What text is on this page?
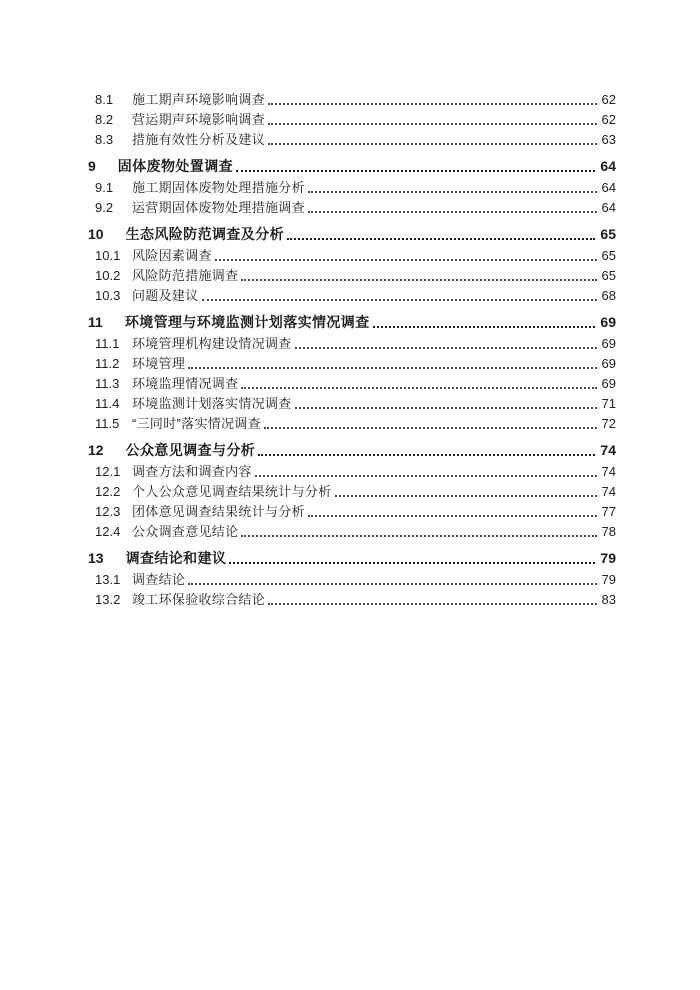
8.1	施工期声环境影响调查	62
8.2	营运期声环境影响调查	62
8.3	措施有效性分析及建议	63
9 固体废物处置调查	64
9.1	施工期固体废物处理措施分析	64
9.2	运营期固体废物处理措施调查	64
10 生态风险防范调查及分析	65
10.1 风险因素调查	65
10.2 风险防范措施调查	65
10.3 问题及建议	68
11 环境管理与环境监测计划落实情况调查	69
11.1 环境管理机构建设情况调查	69
11.2 环境管理	69
11.3 环境监理情况调查	69
11.4 环境监测计划落实情况调查	71
11.5 “三同时”落实情况调查	72
12 公众意见调查与分析	74
12.1 调查方法和调查内容	74
12.2 个人公众意见调查结果统计与分析	74
12.3 团体意见调查结果统计与分析	77
12.4 公众调查意见结论	78
13 调查结论和建议	79
13.1 调查结论	79
13.2 竣工环保验收综合结论	83
